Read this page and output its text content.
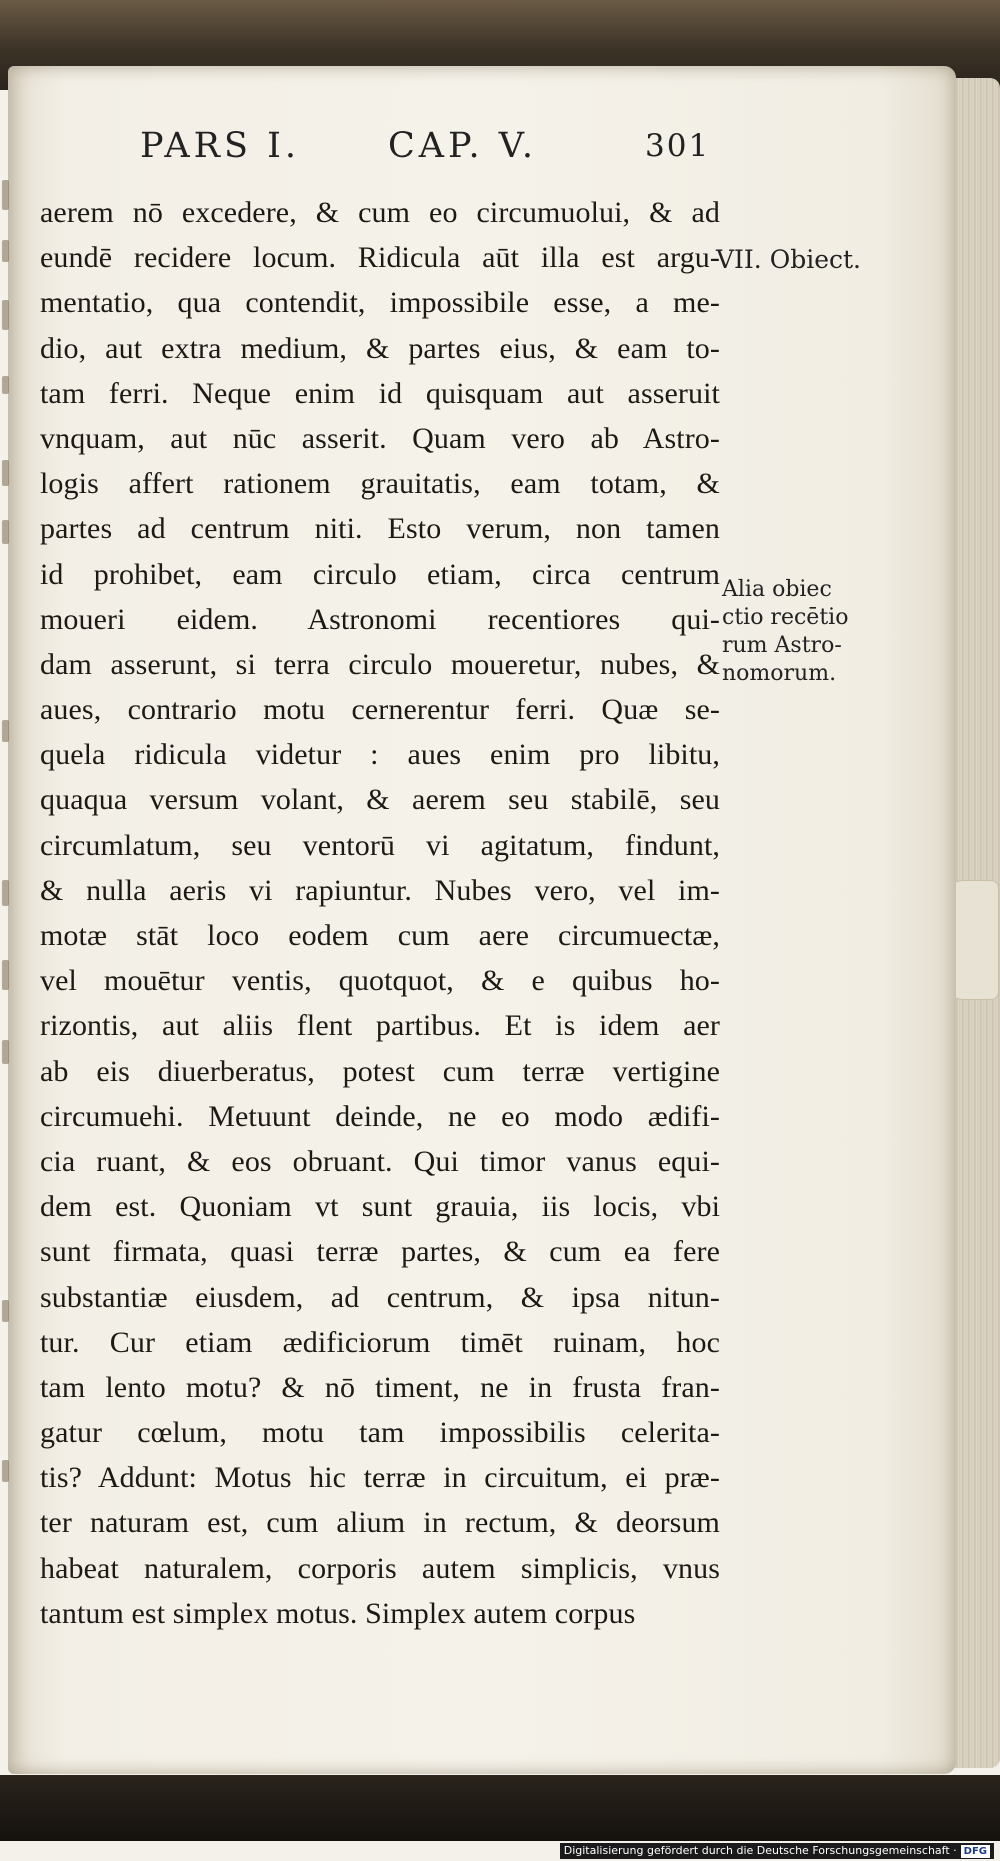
PARS I.	CAP. V.	301
aerem nō excedere, & cum eo circumuolui, & ad
eundē recidere locum. Ridicula aūt illa est argu-
mentatio, qua contendit, impossibile esse, a me-
dio, aut extra medium, & partes eius, & eam to-
tam ferri. Neque enim id quisquam aut asseruit
vnquam, aut nūc asserit. Quam vero ab Astro-
logis affert rationem grauitatis, eam totam, &
partes ad centrum niti. Esto verum, non tamen
id prohibet, eam circulo etiam, circa centrum
moueri eidem. Astronomi recentiores qui-
dam asserunt, si terra circulo moueretur, nubes, &
aues, contrario motu cernerentur ferri. Quæ se-
quela ridicula videtur : aues enim pro libitu,
quaqua versum volant, & aerem seu stabilē, seu
circumlatum, seu ventorū vi agitatum, findunt,
& nulla aeris vi rapiuntur. Nubes vero, vel im-
motæ stāt loco eodem cum aere circumuectæ,
vel mouētur ventis, quotquot, & e quibus ho-
rizontis, aut aliis flent partibus. Et is idem aer
ab eis diuerberatus, potest cum terræ vertigine
circumuehi. Metuunt deinde, ne eo modo ædifi-
cia ruant, & eos obruant. Qui timor vanus equi-
dem est. Quoniam vt sunt grauia, iis locis, vbi
sunt firmata, quasi terræ partes, & cum ea fere
substantiæ eiusdem, ad centrum, & ipsa nitun-
tur. Cur etiam ædificiorum timēt ruinam, hoc
tam lento motu? & nō timent, ne in frusta fran-
gatur cœlum, motu tam impossibilis celerita-
tis? Addunt: Motus hic terræ in circuitum, ei præ-
ter naturam est, cum alium in rectum, & deorsum
habeat naturalem, corporis autem simplicis, vnus
tantum est simplex motus. Simplex autem corpus
VII. Obiect.
Alia obiec
ctio recētio
rum Astro-
nomorum.
Digitalisierung gefördert durch die Deutsche Forschungsgemeinschaft · DFG
